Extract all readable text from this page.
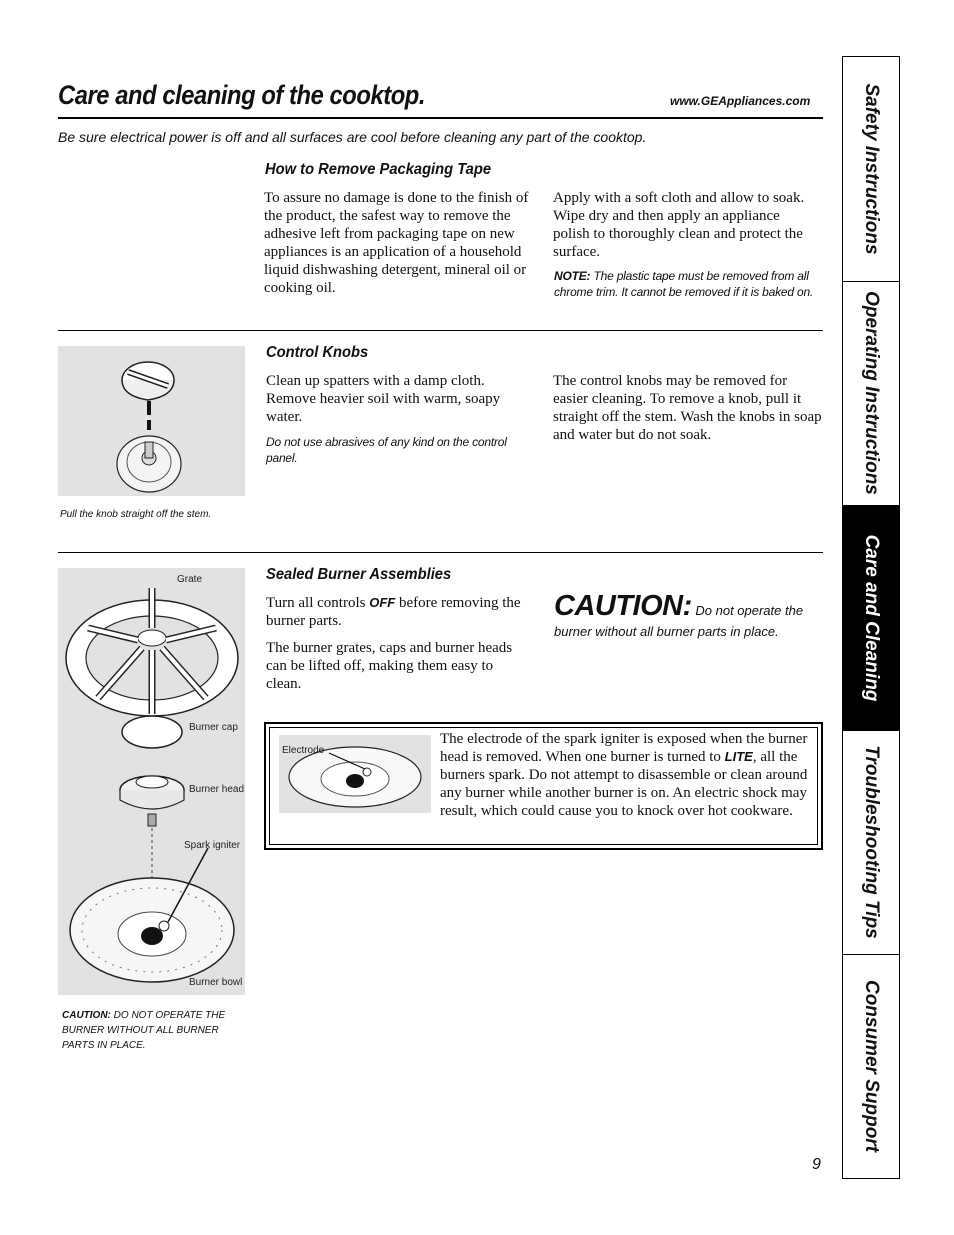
Care and cleaning of the cooktop.	www.GEAppliances.com
Be sure electrical power is off and all surfaces are cool before cleaning any part of the cooktop.
How to Remove Packaging Tape
To assure no damage is done to the finish of the product, the safest way to remove the adhesive left from packaging tape on new appliances is an application of a household liquid dishwashing detergent, mineral oil or cooking oil.
Apply with a soft cloth and allow to soak. Wipe dry and then apply an appliance polish to thoroughly clean and protect the surface.
NOTE: The plastic tape must be removed from all chrome trim. It cannot be removed if it is baked on.
Pull the knob straight off the stem.
Control Knobs
Clean up spatters with a damp cloth. Remove heavier soil with warm, soapy water.
Do not use abrasives of any kind on the control panel.
The control knobs may be removed for easier cleaning. To remove a knob, pull it straight off the stem. Wash the knobs in soap and water but do not soak.
Grate
Burner cap
Burner head
Spark igniter
Burner bowl
CAUTION: DO NOT OPERATE THE BURNER WITHOUT ALL BURNER PARTS IN PLACE.
Sealed Burner Assemblies
Turn all controls OFF before removing the burner parts.
The burner grates, caps and burner heads can be lifted off, making them easy to clean.
CAUTION: Do not operate the burner without all burner parts in place.
Electrode
The electrode of the spark igniter is exposed when the burner head is removed. When one burner is turned to LITE, all the burners spark. Do not attempt to disassemble or clean around any burner while another burner is on. An electric shock may result, which could cause you to knock over hot cookware.
Safety Instructions
Operating Instructions
Care and Cleaning
Troubleshooting Tips
Consumer Support
9
